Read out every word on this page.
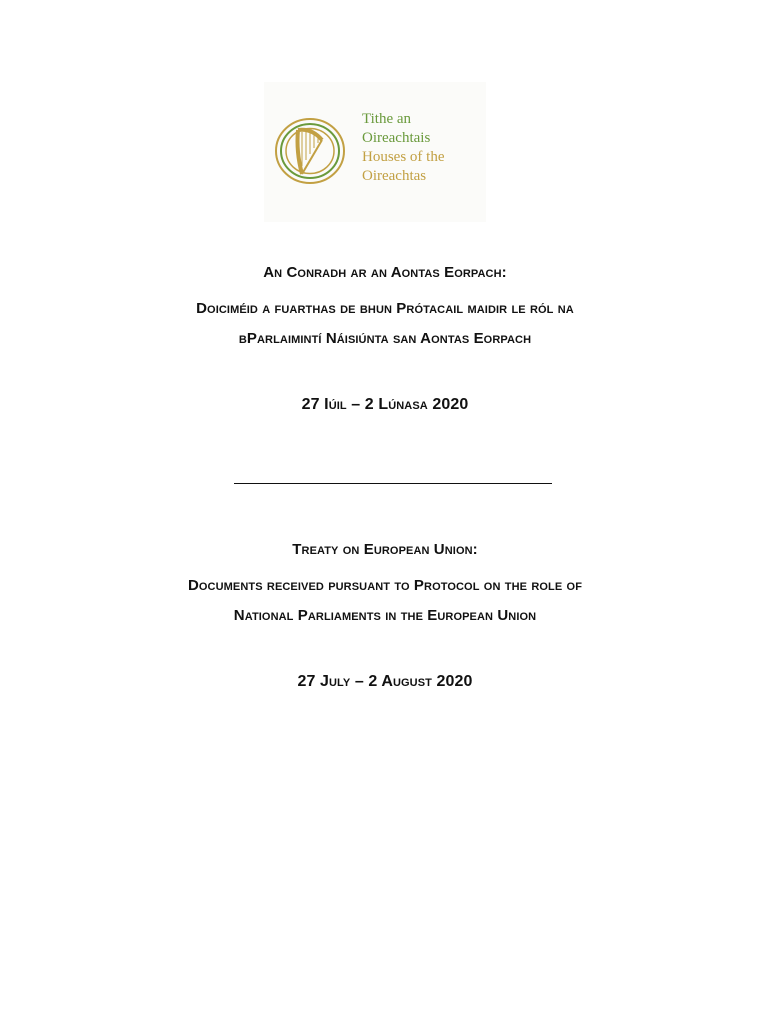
Tithe an
Oireachtais
Houses of the
Oireachtas
An Conradh ar an Aontas Eorpach:
Doiciméid a fuarthas de bhun Prótacail maidir le ról na
bParlaimintí Náisiúnta san Aontas Eorpach
27 Iúil – 2 Lúnasa 2020
Treaty on European Union:
Documents received pursuant to Protocol on the role of
National Parliaments in the European Union
27 July – 2 August 2020
